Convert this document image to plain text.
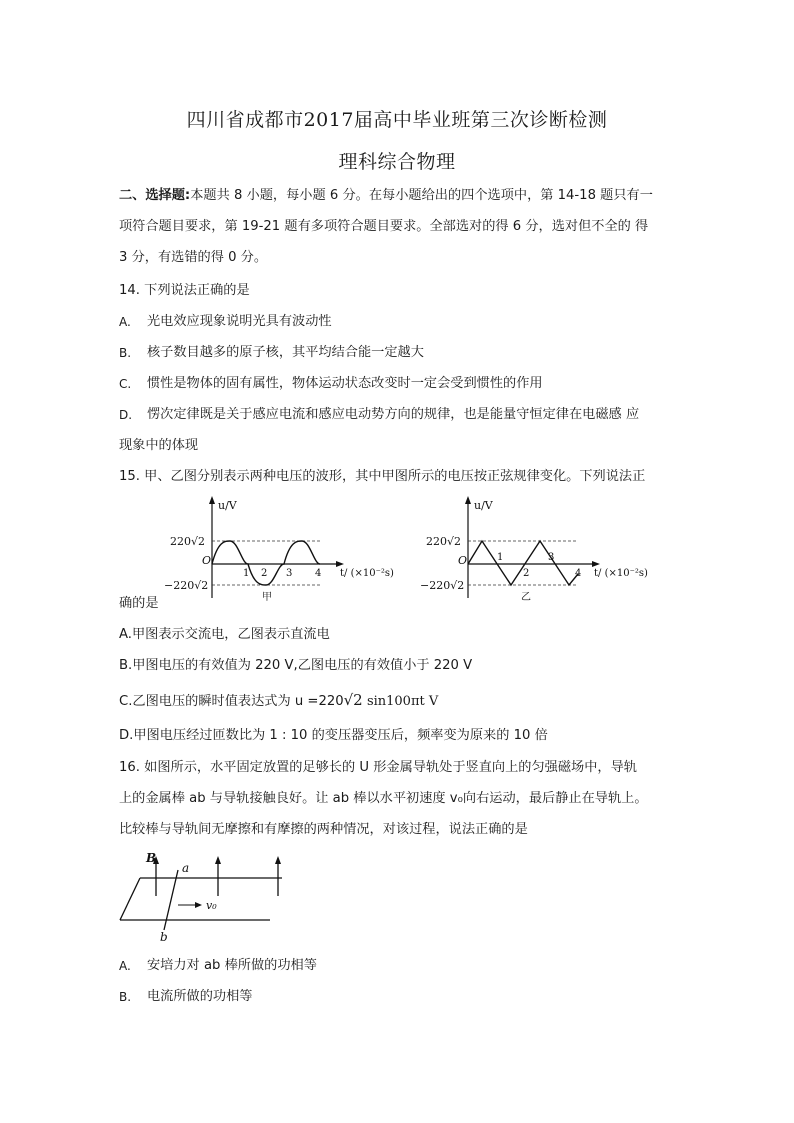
四川省成都市2017届高中毕业班第三次诊断检测
理科综合物理
二、选择题:本题共 8 小题，每小题 6 分。在每小题给出的四个选项中，第 14-18 题只有一
项符合题目要求，第 19-21 题有多项符合题目要求。全部选对的得 6 分，选对但不全的 得
3 分，有选错的得 0 分。
14. 下列说法正确的是
A. 光电效应现象说明光具有波动性
B. 核子数目越多的原子核，其平均结合能一定越大
C. 惯性是物体的固有属性，物体运动状态改变时一定会受到惯性的作用
D. 愣次定律既是关于感应电流和感应电动势方向的规律，也是能量守恒定律在电磁感 应
现象中的体现
15. 甲、乙图分别表示两种电压的波形，其中甲图所示的电压按正弦规律变化。下列说法正
u/V
220√2
−220√2
O
1 2 3 4 t/ (×10⁻²s)
甲
u/V
220√2
−220√2
O	1
2
3
4 t/ (×10⁻²s)
乙
确的是
A.甲图表示交流电，乙图表示直流电
B.甲图电压的有效值为 220 V,乙图电压的有效值小于 220 V
C.乙图电压的瞬时值表达式为 u =220√2 sin100πt V
D.甲图电压经过匝数比为 1 : 10 的变压器变压后，频率变为原来的 10 倍
16. 如图所示，水平固定放置的足够长的 U 形金属导轨处于竖直向上的匀强磁场中，导轨
上的金属棒 ab 与导轨接触良好。让 ab 棒以水平初速度 v₀向右运动，最后静止在导轨上。
比较棒与导轨间无摩擦和有摩擦的两种情况，对该过程，说法正确的是
B
a
b
v₀
A. 安培力对 ab 棒所做的功相等
B. 电流所做的功相等
